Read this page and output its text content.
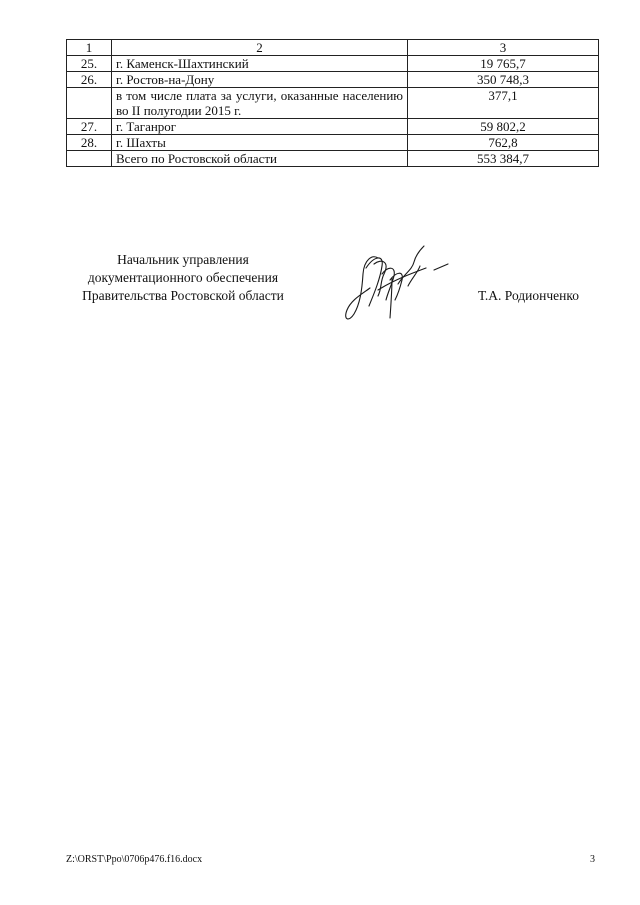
1	2	3
25.	г. Каменск-Шахтинский	19 765,7
26.	г. Ростов-на-Дону	350 748,3
	в том числе плата за услуги, оказанные населению во II полугодии 2015 г.	377,1
27.	г. Таганрог	59 802,2
28.	г. Шахты	762,8
	Всего по Ростовской области	553 384,7
Начальник управления
документационного обеспечения
Правительства Ростовской области	Т.А. Родионченко
Z:\ORST\Ppo\0706p476.f16.docx	3
